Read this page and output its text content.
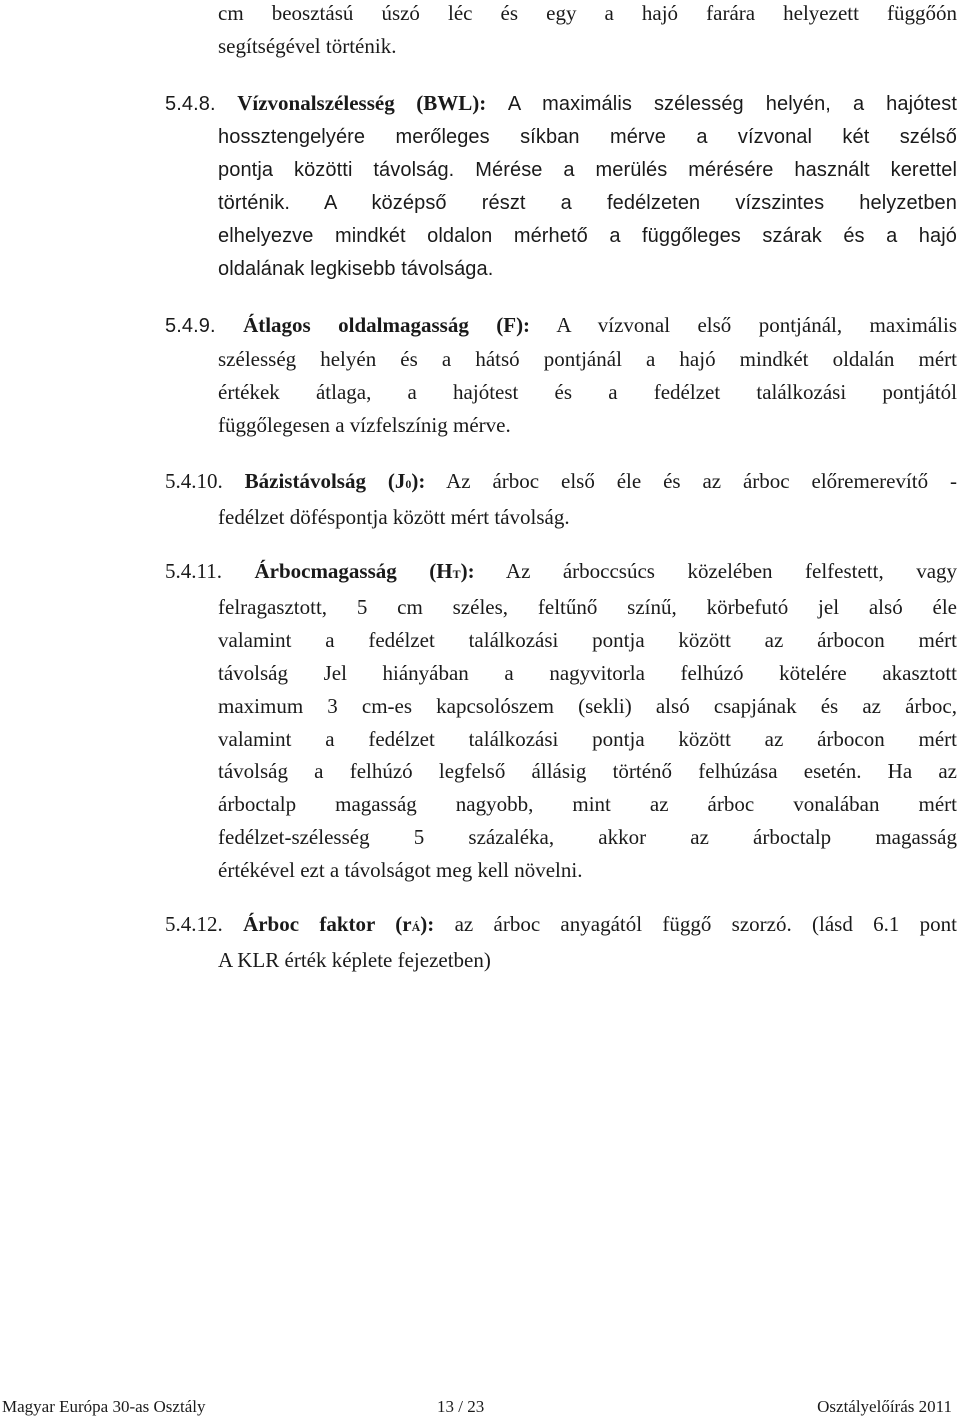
cm beosztású úszó léc és egy a hajó farára helyezett függőón
segítségével történik.
5.4.8. Vízvonalszélesség (BWL): A maximális szélesség helyén, a hajótest
hossztengelyére merőleges síkban mérve a vízvonal két szélső
pontja közötti távolság. Mérése a merülés mérésére használt kerettel
történik. A középső részt a fedélzeten vízszintes helyzetben
elhelyezve mindkét oldalon mérhető a függőleges szárak és a hajó
oldalának legkisebb távolsága.
5.4.9. Átlagos oldalmagasság (F): A vízvonal első pontjánál, maximális
szélesség helyén és a hátsó pontjánál a hajó mindkét oldalán mért
értékek átlaga, a hajótest és a fedélzet találkozási pontjától
függőlegesen a vízfelszínig mérve.
5.4.10. Bázistávolság (J0): Az árboc első éle és az árboc előremerevítő -
fedélzet döféspontja között mért távolság.
5.4.11. Árbocmagasság (HT): Az árboccsúcs közelében felfestett, vagy
felragasztott, 5 cm széles, feltűnő színű, körbefutó jel alsó éle
valamint a fedélzet találkozási pontja között az árbocon mért
távolság Jel hiányában a nagyvitorla felhúzó kötelére akasztott
maximum 3 cm-es kapcsolószem (sekli) alsó csapjának és az árboc,
valamint a fedélzet találkozási pontja között az árbocon mért
távolság a felhúzó legfelső állásig történő felhúzása esetén. Ha az
árboctalp magasság nagyobb, mint az árboc vonalában mért
fedélzet-szélesség 5 százaléka, akkor az árboctalp magasság
értékével ezt a távolságot meg kell növelni.
5.4.12. Árboc faktor (rÁ): az árboc anyagától függő szorzó. (lásd 6.1 pont
A KLR érték képlete fejezetben)
Magyar Európa 30-as Osztály	13 / 23	Osztályelőírás 2011
